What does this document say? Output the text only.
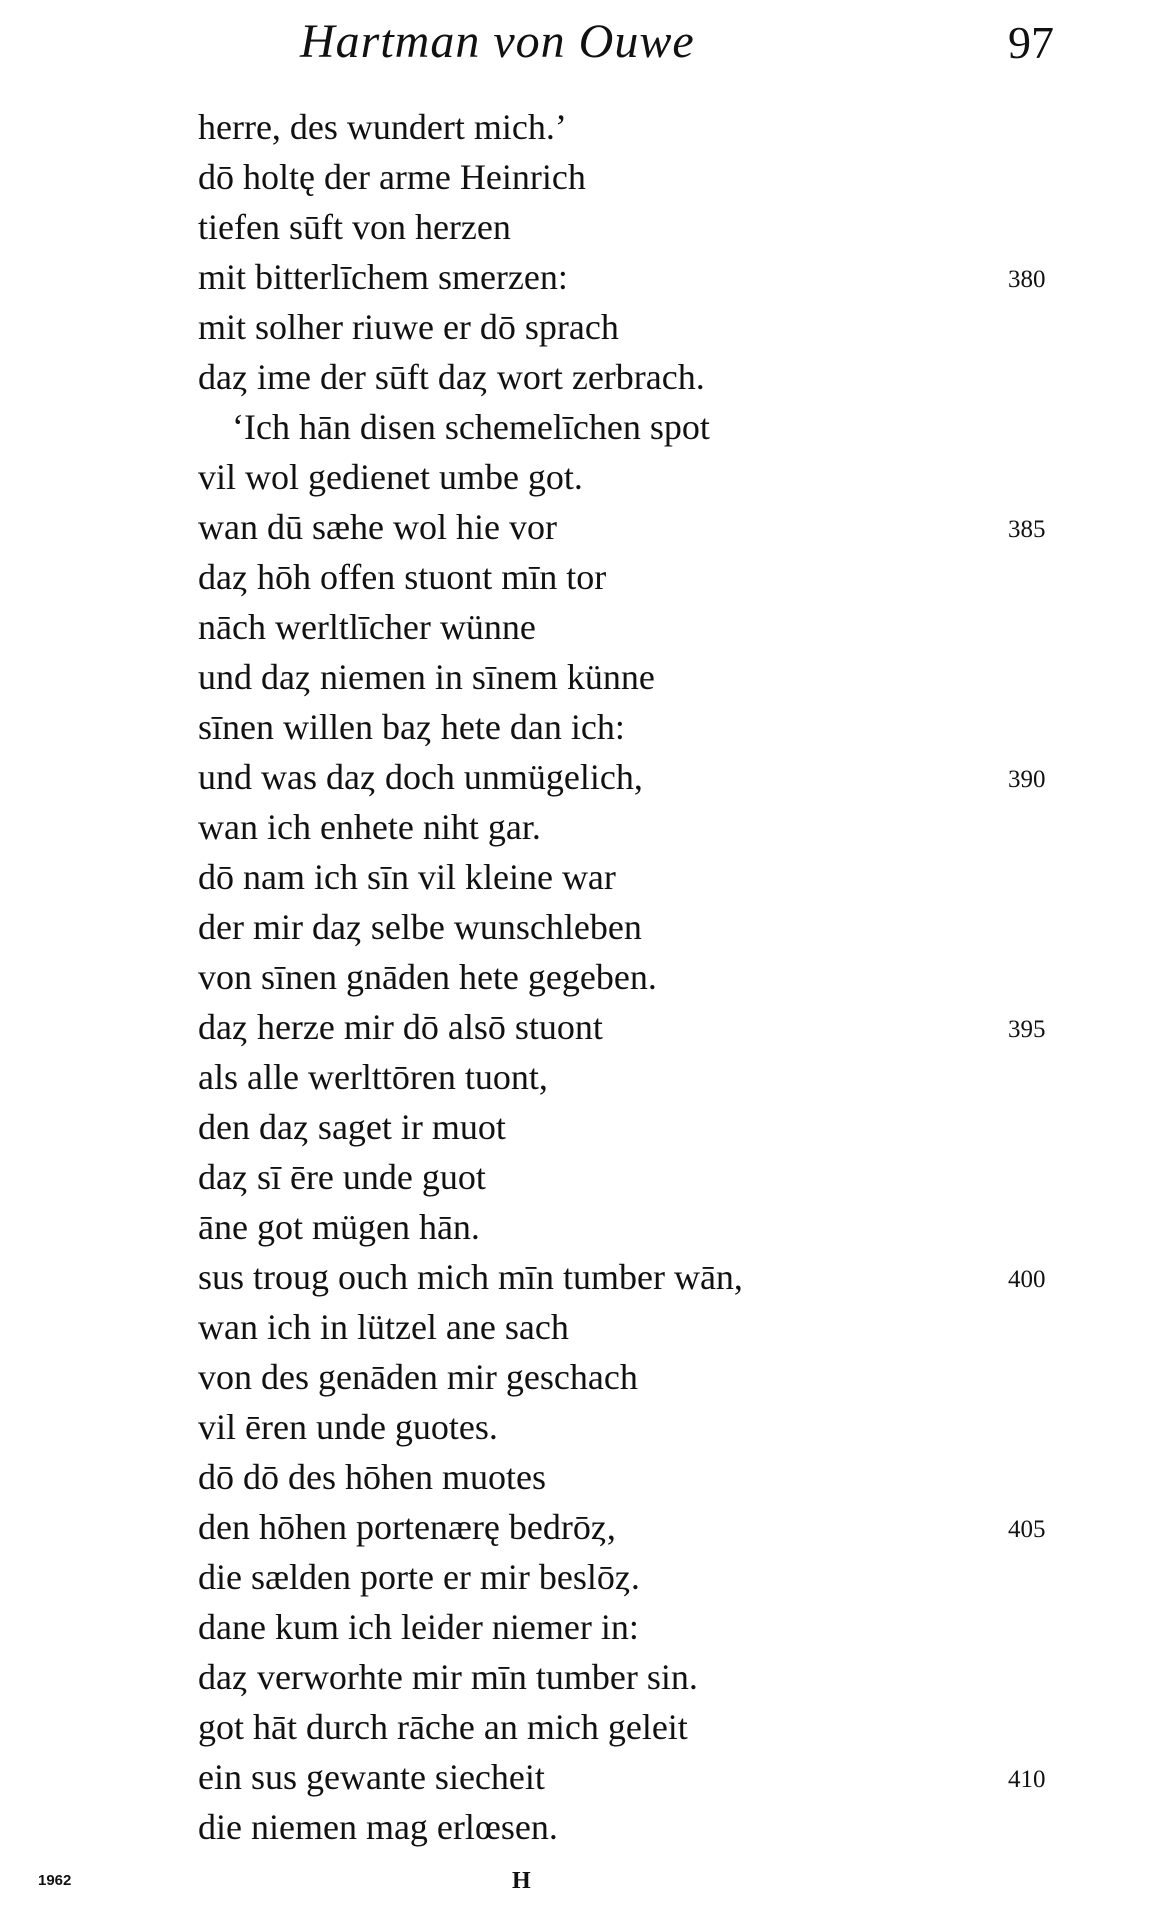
Hartman von Ouwe	97
herre, des wundert mich.’
dō holtę der arme Heinrich
tiefen sūft von herzen
mit bitterlīchem smerzen:	380
mit solher riuwe er dō sprach
daȥ ime der sūft daȥ wort zerbrach.
‘Ich hān disen schemelīchen spot
vil wol gedienet umbe got.
wan dū sæhe wol hie vor	385
daȥ hōh offen stuont mīn tor
nāch werltlīcher wünne
und daȥ niemen in sīnem künne
sīnen willen baȥ hete dan ich:
und was daȥ doch unmügelich,	390
wan ich enhete niht gar.
dō nam ich sīn vil kleine war
der mir daȥ selbe wunschleben
von sīnen gnāden hete gegeben.
daȥ herze mir dō alsō stuont	395
als alle werlttōren tuont,
den daȥ saget ir muot
daȥ sī ēre unde guot
āne got mügen hān.
sus troug ouch mich mīn tumber wān,	400
wan ich in lützel ane sach
von des genāden mir geschach
vil ēren unde guotes.
dō dō des hōhen muotes
den hōhen portenærę bedrōȥ,	405
die sælden porte er mir beslōȥ.
dane kum ich leider niemer in:
daȥ verworhte mir mīn tumber sin.
got hāt durch rāche an mich geleit
ein sus gewante siecheit	410
die niemen mag erlœsen.
1962	H
